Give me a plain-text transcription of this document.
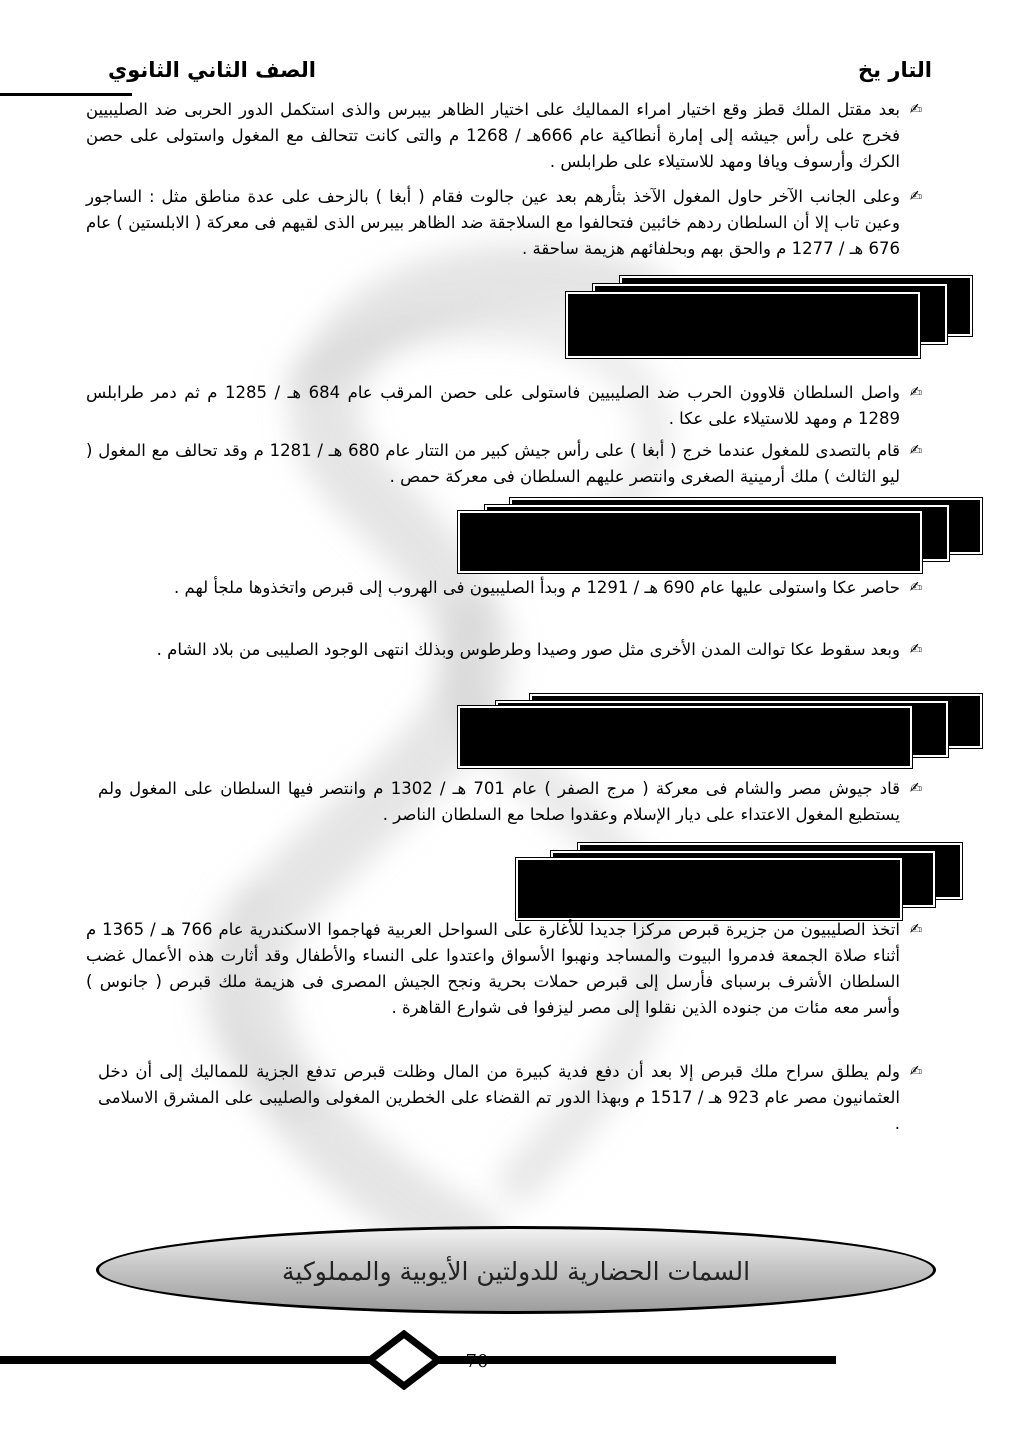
التار يخ
الصف الثاني الثانوي
✍
بعد مقتل الملك قطز وقع اختيار امراء المماليك على اختيار الظاهر بيبرس والذى استكمل الدور الحربى ضد الصليبيين فخرج على رأس جيشه إلى إمارة أنطاكية عام 666هـ / 1268 م والتى كانت تتحالف مع المغول واستولى على حصن الكرك وأرسوف ويافا ومهد للاستيلاء على طرابلس .
✍
وعلى الجانب الآخر حاول المغول الآخذ بثأرهم بعد عين جالوت فقام ( أبغا ) بالزحف على عدة مناطق مثل : الساجور وعين تاب إلا أن السلطان ردهم خائبين فتحالفوا مع السلاجقة ضد الظاهر بيبرس الذى لقيهم فى معركة ( الابلستين ) عام 676 هـ / 1277 م والحق بهم وبحلفائهم هزيمة ساحقة .
✍
واصل السلطان قلاوون الحرب ضد الصليبيين فاستولى على حصن المرقب عام 684 هـ / 1285 م ثم دمر طرابلس 1289 م ومهد للاستيلاء على عكا .
✍
قام بالتصدى للمغول عندما خرج ( أبغا ) على رأس جيش كبير من التتار عام 680 هـ / 1281 م وقد تحالف مع المغول ( ليو الثالث ) ملك أرمينية الصغرى وانتصر عليهم السلطان فى معركة حمص .
✍
حاصر عكا واستولى عليها عام 690 هـ / 1291 م وبدأ الصليبيون فى الهروب إلى قبرص واتخذوها ملجأ لهم .
✍
وبعد سقوط عكا توالت المدن الأخرى مثل صور وصيدا وطرطوس وبذلك انتهى الوجود الصليبى من بلاد الشام .
✍
قاد جيوش مصر والشام فى معركة ( مرج الصفر ) عام 701 هـ / 1302 م وانتصر فيها السلطان على المغول ولم يستطيع المغول الاعتداء على ديار الإسلام وعقدوا صلحا مع السلطان الناصر .
✍
اتخذ الصليبيون من جزيرة قبرص مركزا جديدا للأغارة على السواحل العربية فهاجموا الاسكندرية عام 766 هـ / 1365 م أثناء صلاة الجمعة فدمروا البيوت والمساجد ونهبوا الأسواق واعتدوا على النساء والأطفال وقد أثارت هذه الأعمال غضب السلطان الأشرف برسباى فأرسل إلى قبرص حملات بحرية ونجح الجيش المصرى فى هزيمة ملك قبرص ( جانوس ) وأسر معه مئات من جنوده الذين نقلوا إلى مصر ليزفوا فى شوارع القاهرة .
✍
ولم يطلق سراح ملك قبرص إلا بعد أن دفع فدية كبيرة من المال وظلت قبرص تدفع الجزية للمماليك إلى أن دخل العثمانيون مصر عام 923 هـ / 1517 م وبهذا الدور تم القضاء على الخطرين المغولى والصليبى على المشرق الاسلامى .
السمات الحضارية للدولتين الأيوبية والمملوكية
70
